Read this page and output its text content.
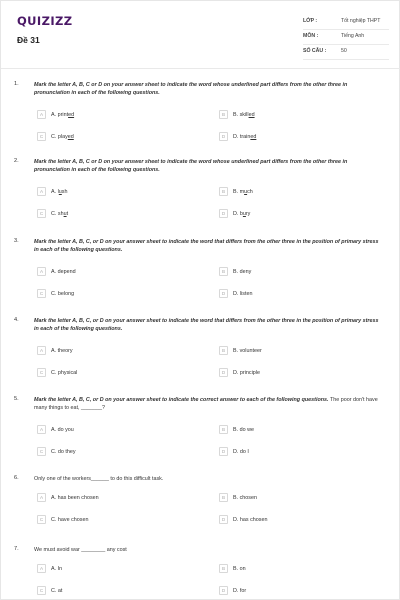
QUIZIZZ
Đề 31
LỚP :	Tốt nghiệp THPT
MÔN :	Tiếng Anh
SỐ CÂU :	50
1.	Mark the letter A, B, C or D on your answer sheet to indicate the word whose underlined part differs from the other three in pronunciation in each of the following questions.
A	A. printed	B	B. skilled
C	C. played	D	D. trained
2.	Mark the letter A, B, C or D on your answer sheet to indicate the word whose underlined part differs from the other three in pronunciation in each of the following questions.
A	A. lush	B	B. much
C	C. shut	D	D. bury
3.	Mark the letter A, B, C, or D on your answer sheet to indicate the word that differs from the other three in the position of primary stress in each of the following questions.
A	A. depend	B	B. deny
C	C. belong	D	D. listen
4.	Mark the letter A, B, C, or D on your answer sheet to indicate the word that differs from the other three in the position of primary stress in each of the following questions.
A	A. theory	B	B. volunteer
C	C. physical	D	D. principle
5.	Mark the letter A, B, C, or D on your answer sheet to indicate the correct answer to each of the following questions. The poor don't have many things to eat, _______?
A	A. do you	B	B. do we
C	C. do they	D	D. do I
6.	Only one of the workers______ to do this difficult task.
A	A. has been chosen	B	B. chosen
C	C. have chosen	D	D. has chosen
7.	We must avoid war ________ any cost
A	A. In	B	B. on
C	C. at	D	D. for
